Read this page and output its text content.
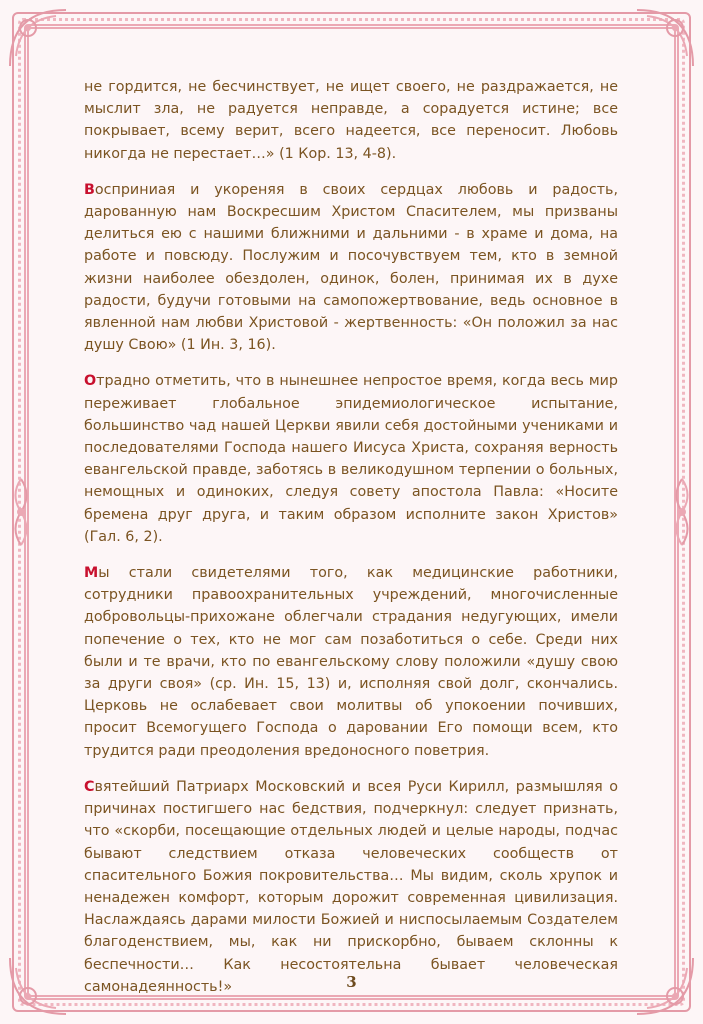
не гордится, не бесчинствует, не ищет своего, не раздражается, не мыслит зла, не радуется неправде, а сорадуется истине; все покрывает, всему верит, всего надеется, все переносит. Любовь никогда не перестает…» (1 Кор. 13, 4-8).

Восприниая и укореняя в своих сердцах любовь и радость, дарованную нам Воскресшим Христом Спасителем, мы призваны делиться ею с нашими ближними и дальними - в храме и дома, на работе и повсюду. Послужим и посочувствуем тем, кто в земной жизни наиболее обездолен, одинок, болен, принимая их в духе радости, будучи готовыми на самопожертвование, ведь основное в явленной нам любви Христовой - жертвенность: «Он положил за нас душу Свою» (1 Ин. 3, 16).

Отрадно отметить, что в нынешнее непростое время, когда весь мир переживает глобальное эпидемиологическое испытание, большинство чад нашей Церкви явили себя достойными учениками и последователями Господа нашего Иисуса Христа, сохраняя верность евангельской правде, заботясь в великодушном терпении о больных, немощных и одиноких, следуя совету апостола Павла: «Носите бремена друг друга, и таким образом исполните закон Христов» (Гал. 6, 2).

Мы стали свидетелями того, как медицинские работники, сотрудники правоохранительных учреждений, многочисленные добровольцы-прихожане облегчали страдания недугующих, имели попечение о тех, кто не мог сам позаботиться о себе. Среди них были и те врачи, кто по евангельскому слову положили «душу свою за други своя» (ср. Ин. 15, 13) и, исполняя свой долг, скончались. Церковь не ослабевает свои молитвы об упокоении почивших, просит Всемогущего Господа о даровании Его помощи всем, кто трудится ради преодоления вредоносного поветрия.

Святейший Патриарх Московский и всея Руси Кирилл, размышляя о причинах постигшего нас бедствия, подчеркнул: следует признать, что «скорби, посещающие отдельных людей и целые народы, подчас бывают следствием отказа человеческих сообществ от спасительного Божия покровительства… Мы видим, сколь хрупок и ненадежен комфорт, которым дорожит современная цивилизация. Наслаждаясь дарами милости Божией и ниспосылаемым Создателем благоденствием, мы, как ни прискорбно, бываем склонны к беспечности… Как несостоятельна бывает человеческая самонадеянность!»	3
